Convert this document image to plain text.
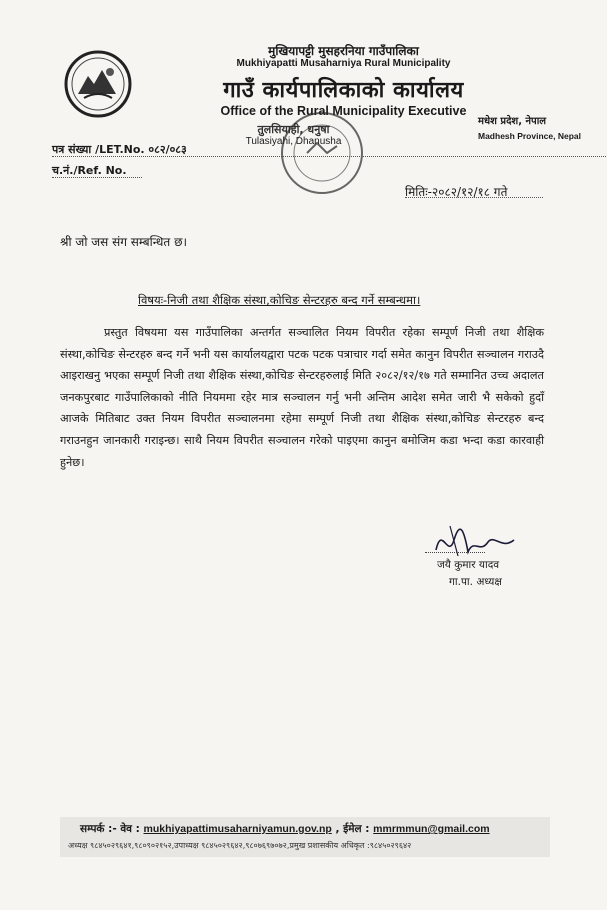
मुखियापट्टी मुसहरनिया गाउँपालिका
Mukhiyapatti Musaharniya Rural Municipality
गाउँ कार्यपालिकाको कार्यालय
Office of the Rural Municipality Executive
तुलसियाही, धनुषा
Tulasiyahi, Dhanusha
मधेश प्रदेश, नेपाल
Madhesh Province, Nepal
पत्र संख्या /LET.No. ०८२/०८३
च.नं./Ref. No.
मितिः-२०८२/१२/१८ गते
श्री जो जस संग सम्बन्धित छ।
विषयः-निजी तथा शैक्षिक संस्था,कोचिङ सेन्टरहरु बन्द गर्ने सम्बन्धमा।
प्रस्तुत विषयमा यस गाउँपालिका अन्तर्गत सञ्चालित नियम विपरीत रहेका सम्पूर्ण निजी तथा शैक्षिक संस्था,कोचिङ सेन्टरहरु बन्द गर्ने भनी यस कार्यालयद्वारा पटक पटक पत्राचार गर्दा समेत कानुन विपरीत सञ्चालन गराउदै आइराखनु भएका सम्पूर्ण निजी तथा शैक्षिक संस्था,कोचिङ सेन्टरहरुलाई मिति २०८२/१२/१७ गते सम्मानित उच्च अदालत जनकपुरबाट गाउँपालिकाको नीति नियममा रहेर मात्र सञ्चालन गर्नु भनी अन्तिम आदेश समेत जारी भै सकेको हुदाँ आजके मितिबाट उक्त नियम विपरीत सञ्चालनमा रहेमा सम्पूर्ण निजी तथा शैक्षिक संस्था,कोचिङ सेन्टरहरु बन्द गराउनहुन जानकारी गराइन्छ। साथै नियम विपरीत सञ्चालन गरेको पाइएमा कानुन बमोजिम कडा भन्दा कडा कारवाही हुनेछ।
जयै कुमार यादव
गा.पा. अध्यक्ष
सम्पर्क :- वेव : mukhiyapattimusaharniyamun.gov.np , ईमेल : mmrmmun@gmail.com
अध्यक्ष ९८४५०२९६४१,९८०९०२१५२,उपाध्यक्ष ९८४५०२९६४२,९८०७६९७०७२,प्रमुख प्रशासकीय अधिकृत :९८४५०२९६४२
